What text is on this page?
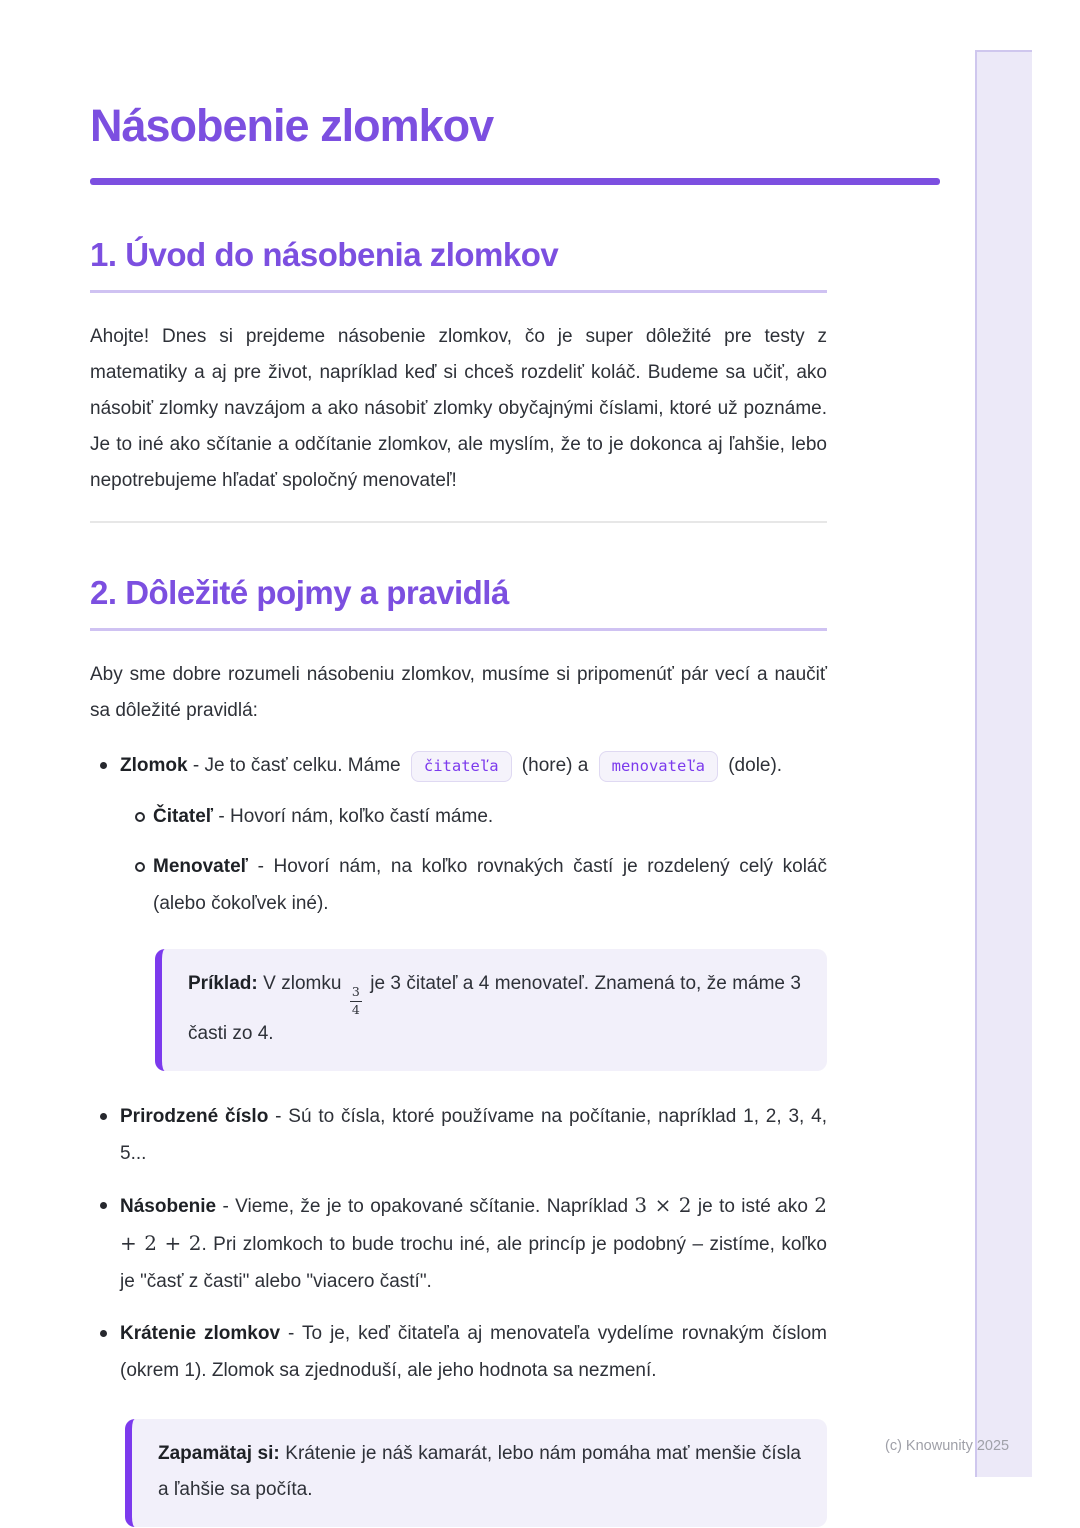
Násobenie zlomkov
1. Úvod do násobenia zlomkov

Ahojte! Dnes si prejdeme násobenie zlomkov, čo je super dôležité pre testy z matematiky a aj pre život, napríklad keď si chceš rozdeliť koláč. Budeme sa učiť, ako násobiť zlomky navzájom a ako násobiť zlomky obyčajnými číslami, ktoré už poznáme. Je to iné ako sčítanie a odčítanie zlomkov, ale myslím, že to je dokonca aj ľahšie, lebo nepotrebujeme hľadať spoločný menovateľ!

2. Dôležité pojmy a pravidlá

Aby sme dobre rozumeli násobeniu zlomkov, musíme si pripomenúť pár vecí a naučiť sa dôležité pravidlá:

Zlomok - Je to časť celku. Máme čitateľa (hore) a menovateľa (dole).
Čitateľ - Hovorí nám, koľko častí máme.
Menovateľ - Hovorí nám, na koľko rovnakých častí je rozdelený celý koláč (alebo čokoľvek iné).
Príklad: V zlomku
$\frac{3}{4}$
je 3 čitateľ a 4 menovateľ. Znamená to, že máme 3 časti zo 4.
Prirodzené číslo - Sú to čísla, ktoré používame na počítanie, napríklad 1, 2, 3, 4, 5...
Násobenie - Vieme, že je to opakované sčítanie. Napríklad 3 × 2 je to isté ako 2 + 2 + 2. Pri zlomkoch to bude trochu iné, ale princíp je podobný – zistíme, koľko je "časť z časti" alebo "viacero častí".
Krátenie zlomkov - To je, keď čitateľa aj menovateľa vydelíme rovnakým číslom (okrem 1). Zlomok sa zjednoduší, ale jeho hodnota sa nezmení.
Zapamätaj si: Krátenie je náš kamarát, lebo nám pomáha mať menšie čísla a ľahšie sa počíta.
(c) Knowunity 2025
